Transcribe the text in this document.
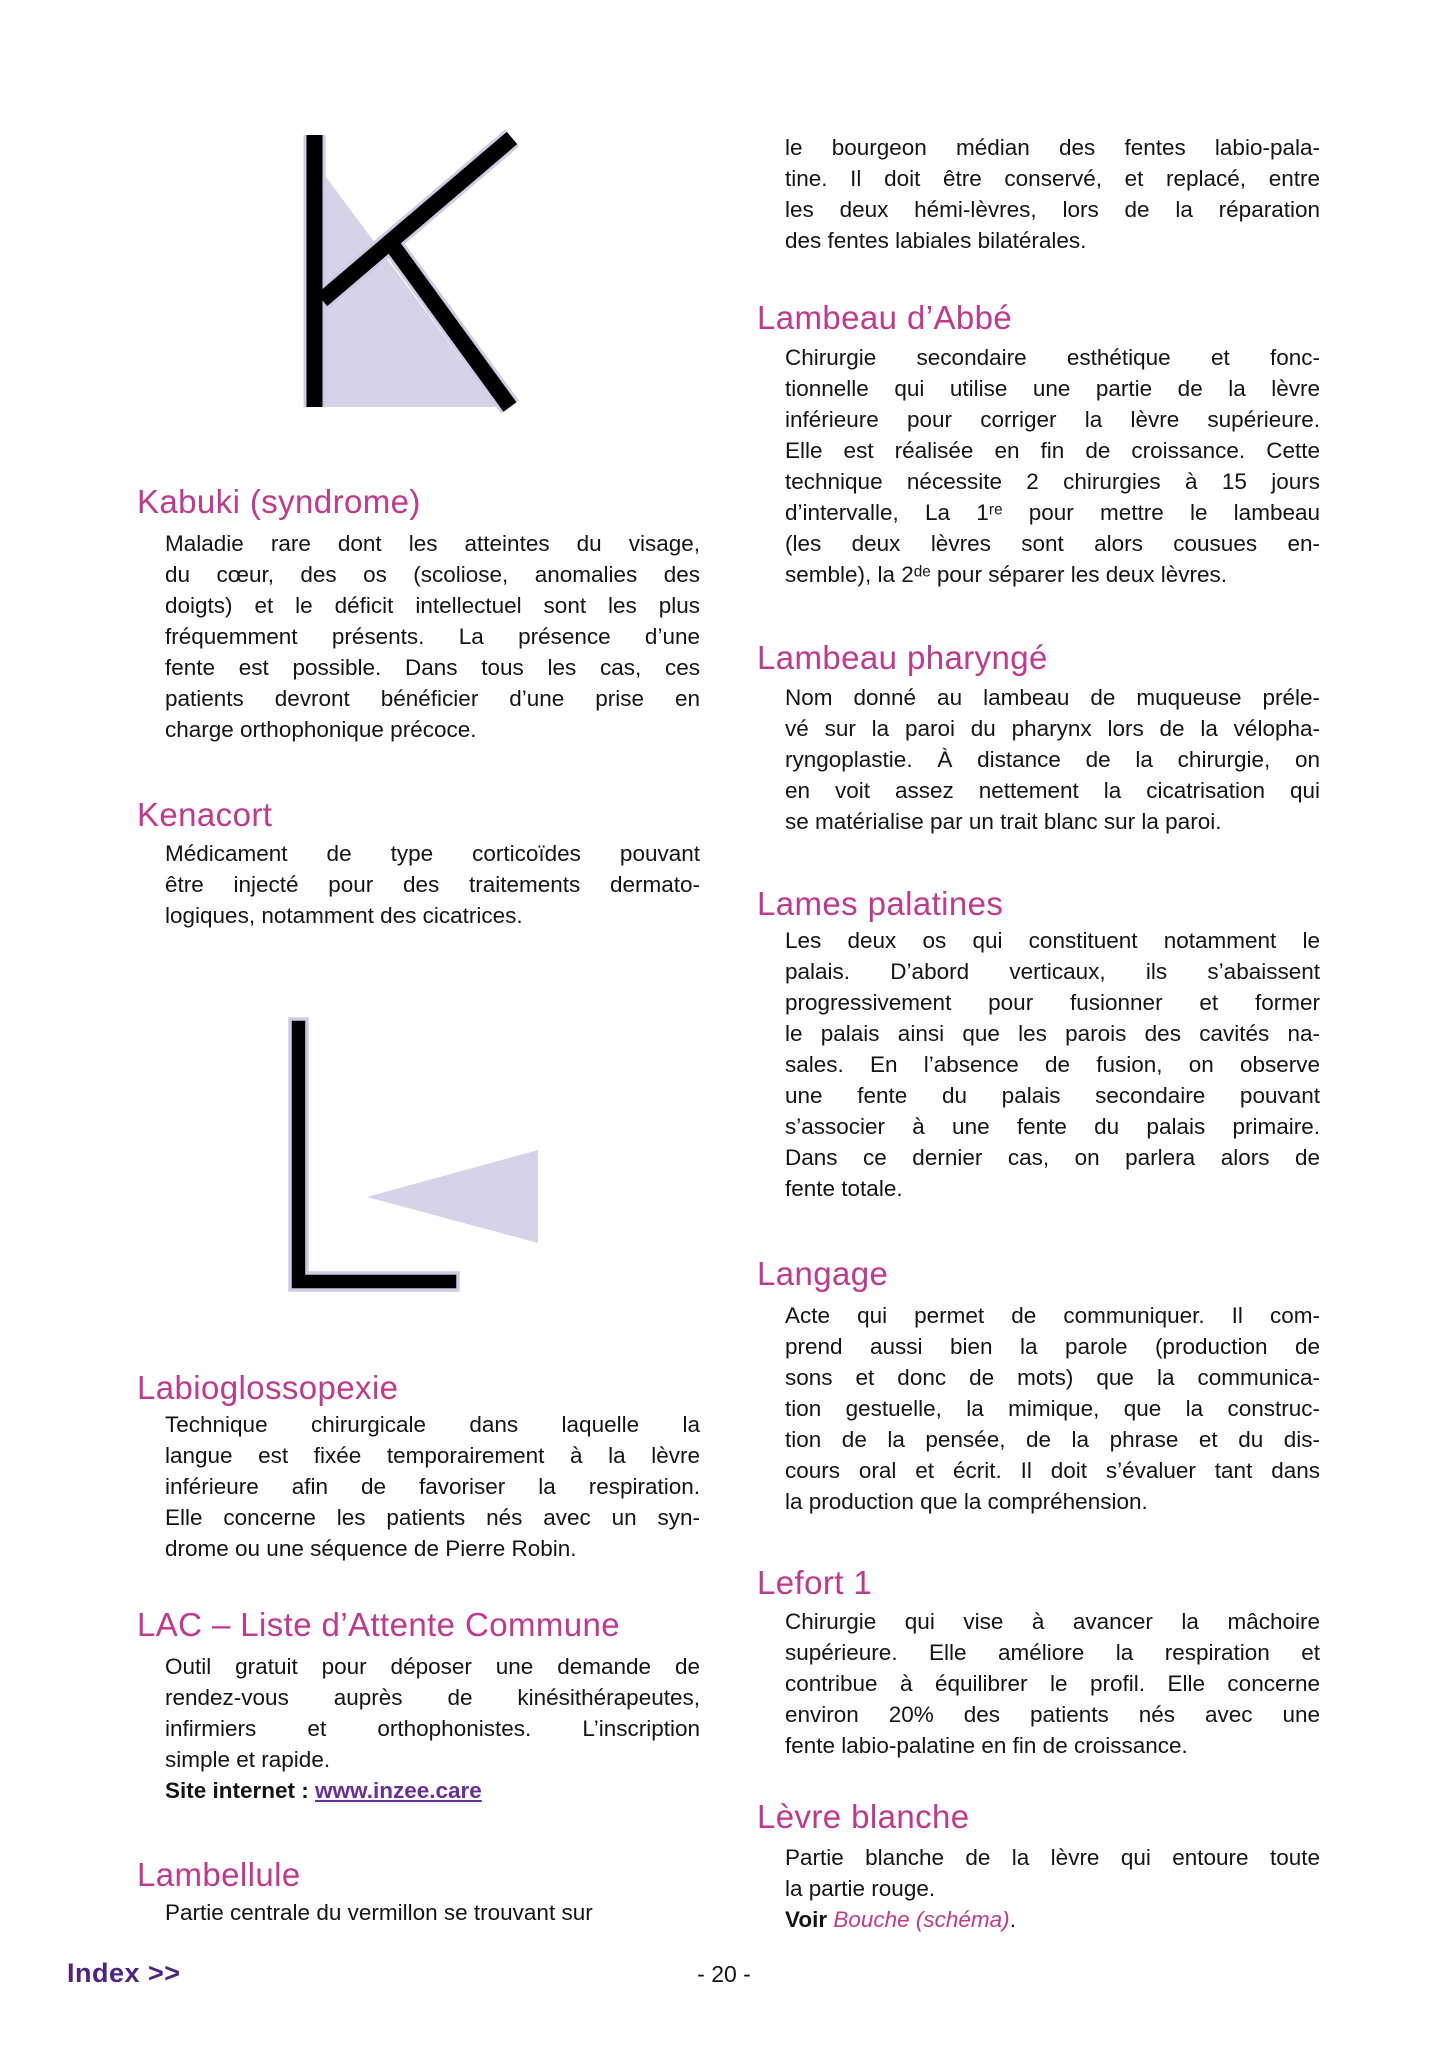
Kabuki (syndrome)
Maladie rare dont les atteintes du visage,
du cœur, des os (scoliose, anomalies des
doigts) et le déficit intellectuel sont les plus
fréquemment présents. La présence d’une
fente est possible. Dans tous les cas, ces
patients devront bénéficier d’une prise en
charge orthophonique précoce.
Kenacort
Médicament de type corticoïdes pouvant
être injecté pour des traitements dermato-
logiques, notamment des cicatrices.
Labioglossopexie
Technique chirurgicale dans laquelle la
langue est fixée temporairement à la lèvre
inférieure afin de favoriser la respiration.
Elle concerne les patients nés avec un syn-
drome ou une séquence de Pierre Robin.
LAC – Liste d’Attente Commune
Outil gratuit pour déposer une demande de
rendez-vous auprès de kinésithérapeutes,
infirmiers et orthophonistes. L’inscription
simple et rapide.
Site internet : www.inzee.care
Lambellule
Partie centrale du vermillon se trouvant sur
le bourgeon médian des fentes labio-pala-
tine. Il doit être conservé, et replacé, entre
les deux hémi-lèvres, lors de la réparation
des fentes labiales bilatérales.
Lambeau d’Abbé
Chirurgie secondaire esthétique et fonc-
tionnelle qui utilise une partie de la lèvre
inférieure pour corriger la lèvre supérieure.
Elle est réalisée en fin de croissance. Cette
technique nécessite 2 chirurgies à 15 jours
d’intervalle, La 1ʳᵉ pour mettre le lambeau
(les deux lèvres sont alors cousues en-
semble), la 2ᵈᵉ pour séparer les deux lèvres.
Lambeau pharyngé
Nom donné au lambeau de muqueuse préle-
vé sur la paroi du pharynx lors de la vélopha-
ryngoplastie. À distance de la chirurgie, on
en voit assez nettement la cicatrisation qui
se matérialise par un trait blanc sur la paroi.
Lames palatines
Les deux os qui constituent notamment le
palais. D’abord verticaux, ils s’abaissent
progressivement pour fusionner et former
le palais ainsi que les parois des cavités na-
sales. En l’absence de fusion, on observe
une fente du palais secondaire pouvant
s’associer à une fente du palais primaire.
Dans ce dernier cas, on parlera alors de
fente totale.
Langage
Acte qui permet de communiquer. Il com-
prend aussi bien la parole (production de
sons et donc de mots) que la communica-
tion gestuelle, la mimique, que la construc-
tion de la pensée, de la phrase et du dis-
cours oral et écrit. Il doit s’évaluer tant dans
la production que la compréhension.
Lefort 1
Chirurgie qui vise à avancer la mâchoire
supérieure. Elle améliore la respiration et
contribue à équilibrer le profil. Elle concerne
environ 20% des patients nés avec une
fente labio-palatine en fin de croissance.
Lèvre blanche
Partie blanche de la lèvre qui entoure toute
la partie rouge.
Voir Bouche (schéma).
Index >>	- 20 -
